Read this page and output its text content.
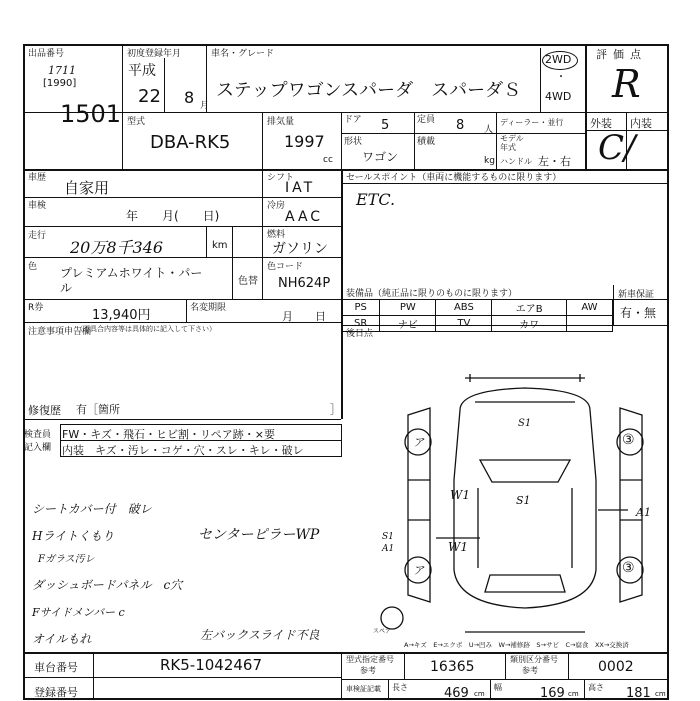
出品番号
1711
[1990]
1501
初度登録年月
平成
22 8 月
車名・グレード
ステップワゴンスパーダ　スパーダＳ
2WD
・
4WD
評価点
R
外装 内装
C/
型式
DBA-RK5
排気量
1997
cc
ドア 5	定員 8 人
ディーラー・並行
形状
ワゴン
積載
kg
モデル年式
ハンドル 左・右
車歴
自家用
車検
年　　月(　　日)
走行
20万8千346	km
色 プレミアムホワイト・パール	色替
色コード
NH624P
R券	13,940円	名変期限
月　　日
シフト
IAT
冷房
AAC
燃料
ガソリン
セールスポイント（車両に機能するものに限ります）
ETC.
装備品（純正品に限りのものに限ります）
PS	PW	ABS	エアB	AW
SR	ナビ	TV	カワ	
新車保証
有・無
注意事項申告欄
（不具合内容等は具体的に記入して下さい）
修復歴 有［箇所	］
後日点
検査員
記入欄
FW・キズ・飛石・ヒビ割・リペア跡・×要
内装　キズ・汚レ・コゲ・穴・スレ・キレ・破レ
シートカバー付　破レ
Hライトくもり
Fガラス汚レ
ダッシュボードパネル　c穴
Fサイドメンバー c
オイルもれ
センターピラーWP
左バックスライド不良
S1
W1	S1
W1
S1
A1
A1
ア	③
ア	③
スペア
A→キズ　E→エクボ　U→凹み　W→補修跡　S→サビ　C→腐食　XX→交換済
車台番号	RK5-1042467
登録番号
型式指定番号
参考	16365	類別区分番号
参考	0002
車検証記載 長さ	469 cm
幅	169 cm
高さ 181 cm
